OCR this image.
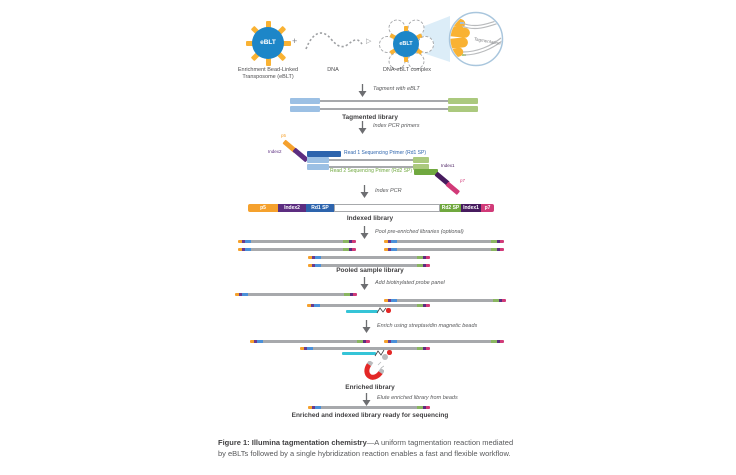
eBLT
Enrichment Bead-Linked
Transposome (eBLT)
+
DNA
▷	eBLT
DNA-eBLT complex
Tagmentation
Tagment with eBLT
Tagmented library
Index PCR primers
p5
Index2	Read 1 Sequencing Primer (Rd1 SP)
Read 2 Sequencing Primer (Rd2 SP)
Index1
p7
Index PCR
p5	Index2	Rd1 SP	Rd2 SP Index1	p7
Indexed library
Pool pre-enriched libraries (optional)
Pooled sample library
Add biotinylated probe panel
Enrich using streptavidin magnetic beads
Enriched library
Elute enriched library from beads
Enriched and indexed library ready for sequencing
Figure 1: Illumina tagmentation chemistry—A uniform tagmentation reaction mediated by eBLTs followed by a single hybridization reaction enables a fast and flexible workflow.
